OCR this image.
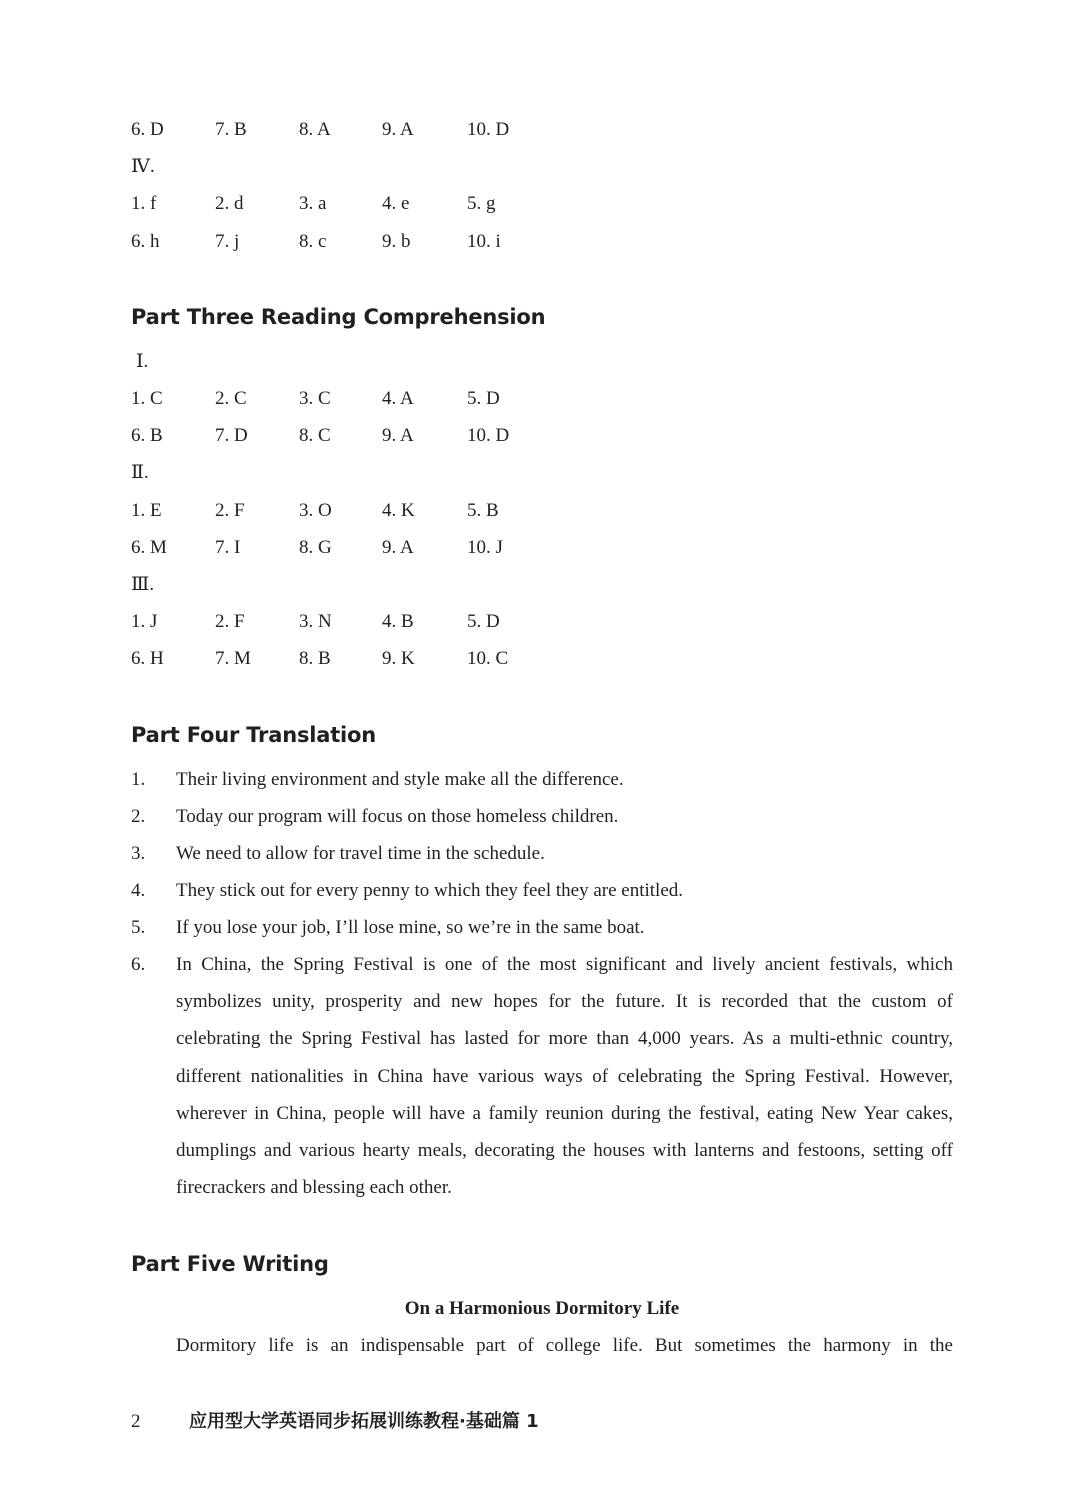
6. D	7. B	8. A	9. A	10. D
Ⅳ.
1. f	2. d	3. a	4. e	5. g
6. h	7. j	8. c	9. b	10. i
Part Three Reading Comprehension
Ⅰ.
1. C	2. C	3. C	4. A	5. D
6. B	7. D	8. C	9. A	10. D
Ⅱ.
1. E	2. F	3. O	4. K	5. B
6. M	7. I	8. G	9. A	10. J
Ⅲ.
1. J	2. F	3. N	4. B	5. D
6. H	7. M	8. B	9. K	10. C
Part Four Translation
1. Their living environment and style make all the difference.
2. Today our program will focus on those homeless children.
3. We need to allow for travel time in the schedule.
4. They stick out for every penny to which they feel they are entitled.
5. If you lose your job, I’ll lose mine, so we’re in the same boat.
6. In China, the Spring Festival is one of the most significant and lively ancient festivals, which symbolizes unity, prosperity and new hopes for the future. It is recorded that the custom of celebrating the Spring Festival has lasted for more than 4,000 years. As a multi-ethnic country, different nationalities in China have various ways of celebrating the Spring Festival. However, wherever in China, people will have a family reunion during the festival, eating New Year cakes, dumplings and various hearty meals, decorating the houses with lanterns and festoons, setting off firecrackers and blessing each other.
Part Five Writing
On a Harmonious Dormitory Life
Dormitory life is an indispensable part of college life. But sometimes the harmony in the
2	应用型大学英语同步拓展训练教程·基础篇 1
